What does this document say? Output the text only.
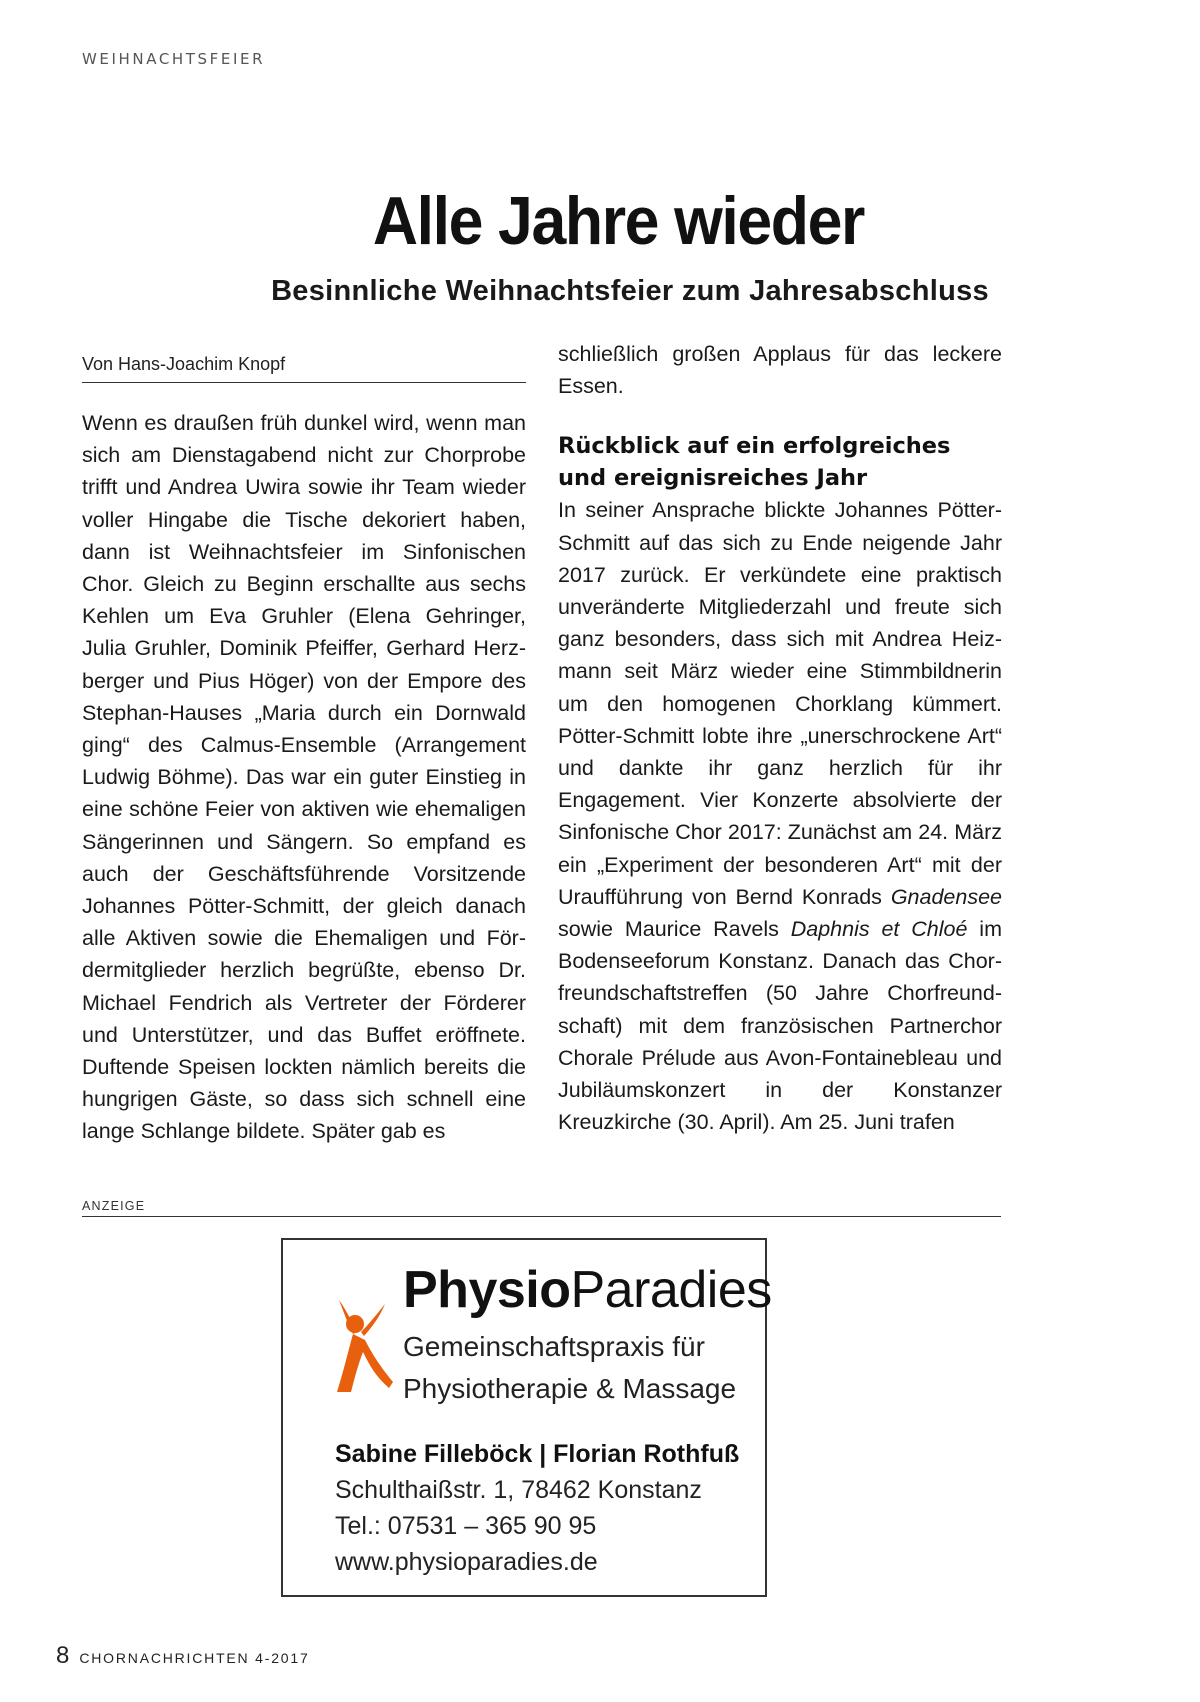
WEIHNACHTSFEIER
Alle Jahre wieder
Besinnliche Weihnachtsfeier zum Jahresabschluss
Von Hans-Joachim Knopf

Wenn es draußen früh dunkel wird, wenn man sich am Dienstagabend nicht zur Chorprobe trifft und Andrea Uwira sowie ihr Team wieder voller Hingabe die Tische dekoriert haben, dann ist Weihnachtsfeier im Sinfonischen Chor. Gleich zu Beginn erschallte aus sechs Kehlen um Eva Gruhler (Elena Gehringer, Julia Gruhler, Dominik Pfeiffer, Gerhard Herzberger und Pius Höger) von der Empore des Stephan-Hauses „Maria durch ein Dornwald ging“ des Calmus-Ensemble (Arrangement Ludwig Böhme). Das war ein guter Einstieg in eine schöne Feier von aktiven wie ehemaligen Sängerinnen und Sängern. So empfand es auch der Geschäftsführende Vorsitzende Johannes Pötter-Schmitt, der gleich danach alle Aktiven sowie die Ehemaligen und Fördermitglieder herzlich begrüßte, ebenso Dr. Michael Fendrich als Vertreter der Förderer und Unterstützer, und das Buffet eröffnete. Duftende Speisen lockten nämlich bereits die hungrigen Gäste, so dass sich schnell eine lange Schlange bildete. Später gab es

schließlich großen Applaus für das leckere Essen.

Rückblick auf ein erfolgreiches und ereignisreiches Jahr

In seiner Ansprache blickte Johannes Pötter-Schmitt auf das sich zu Ende neigende Jahr 2017 zurück. Er verkündete eine praktisch unveränderte Mitgliederzahl und freute sich ganz besonders, dass sich mit Andrea Heizmann seit März wieder eine Stimmbildnerin um den homogenen Chorklang kümmert. Pötter-Schmitt lobte ihre „unerschrockene Art“ und dankte ihr ganz herzlich für ihr Engagement. Vier Konzerte absolvierte der Sinfonische Chor 2017: Zunächst am 24. März ein „Experiment der besonderen Art“ mit der Uraufführung von Bernd Konrads Gnadensee sowie Maurice Ravels Daphnis et Chloé im Bodenseeforum Konstanz. Danach das Chorfreundschaftstreffen (50 Jahre Chorfreundschaft) mit dem französischen Partnerchor Chorale Prélude aus Avon-Fontainebleau und Jubiläumskonzert in der Konstanzer Kreuzkirche (30. April). Am 25. Juni trafen

ANZEIGE
PhysioParadies
Gemeinschaftspraxis für
Physiotherapie & Massage
Sabine Filleböck | Florian Rothfuß
Schulthaißstr. 1, 78462 Konstanz
Tel.: 07531 – 365 90 95
www.physioparadies.de
8 CHORNACHRICHTEN 4-2017
